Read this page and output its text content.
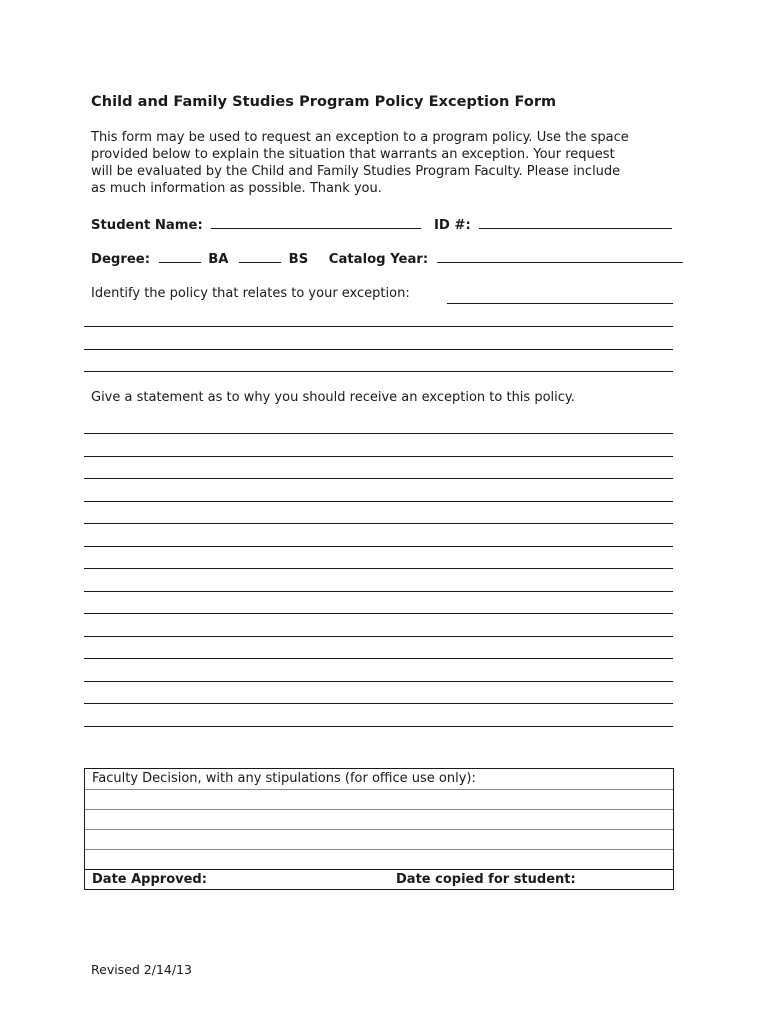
Child and Family Studies Program Policy Exception Form
This form may be used to request an exception to a program policy. Use the space
provided below to explain the situation that warrants an exception. Your request
will be evaluated by the Child and Family Studies Program Faculty. Please include
as much information as possible. Thank you.
Student Name:	ID #:
Degree:	BA	BS Catalog Year:
Identify the policy that relates to your exception:
Give a statement as to why you should receive an exception to this policy.
Faculty Decision, with any stipulations (for office use only):
Date Approved:	Date copied for student:
Revised 2/14/13
